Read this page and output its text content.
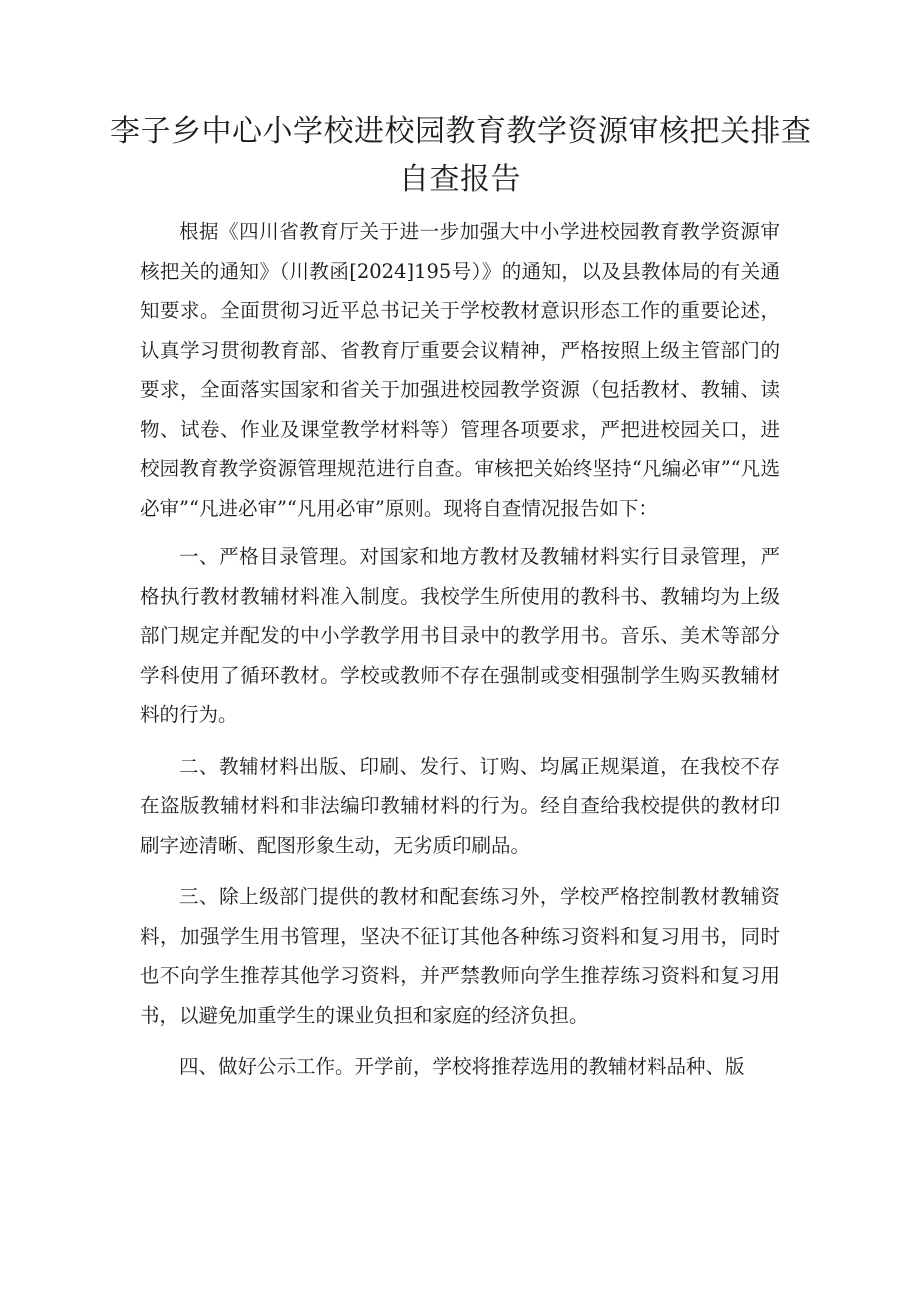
李子乡中心小学校进校园教育教学资源审核把关排查
自查报告

根据《四川省教育厅关于进一步加强大中小学进校园教育教学资源审核把关的通知》（川教函[2024]195号）》的通知，以及县教体局的有关通知要求。全面贯彻习近平总书记关于学校教材意识形态工作的重要论述，认真学习贯彻教育部、省教育厅重要会议精神，严格按照上级主管部门的要求，全面落实国家和省关于加强进校园教学资源（包括教材、教辅、读物、试卷、作业及课堂教学材料等）管理各项要求，严把进校园关口，进校园教育教学资源管理规范进行自查。审核把关始终坚持“凡编必审”“凡选必审”“凡进必审”“凡用必审”原则。现将自查情况报告如下：

一、严格目录管理。对国家和地方教材及教辅材料实行目录管理，严格执行教材教辅材料准入制度。我校学生所使用的教科书、教辅均为上级部门规定并配发的中小学教学用书目录中的教学用书。音乐、美术等部分学科使用了循环教材。学校或教师不存在强制或变相强制学生购买教辅材料的行为。

二、教辅材料出版、印刷、发行、订购、均属正规渠道，在我校不存在盗版教辅材料和非法编印教辅材料的行为。经自查给我校提供的教材印刷字迹清晰、配图形象生动，无劣质印刷品。

三、除上级部门提供的教材和配套练习外，学校严格控制教材教辅资料，加强学生用书管理，坚决不征订其他各种练习资料和复习用书，同时也不向学生推荐其他学习资料，并严禁教师向学生推荐练习资料和复习用书，以避免加重学生的课业负担和家庭的经济负担。

四、做好公示工作。开学前，学校将推荐选用的教辅材料品种、版
